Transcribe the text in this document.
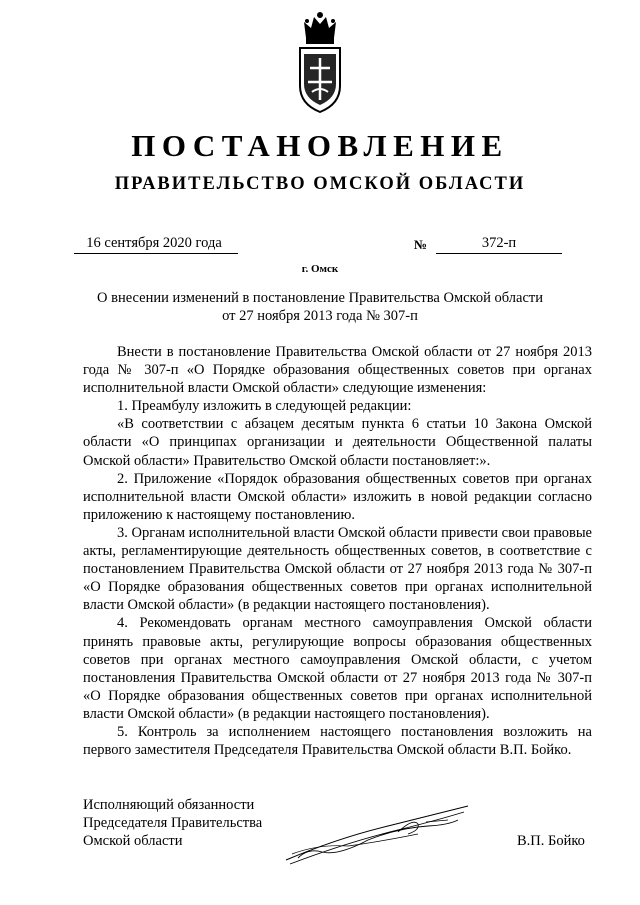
ПОСТАНОВЛЕНИЕ
ПРАВИТЕЛЬСТВО ОМСКОЙ ОБЛАСТИ
16 сентября 2020 года	№	372-п
г. Омск
О внесении изменений в постановление Правительства Омской области
от 27 ноября 2013 года № 307-п

Внести в постановление Правительства Омской области от 27 ноября 2013 года № 307-п «О Порядке образования общественных советов при органах исполнительной власти Омской области» следующие изменения:

1. Преамбулу изложить в следующей редакции:

«В соответствии с абзацем десятым пункта 6 статьи 10 Закона Омской области «О принципах организации и деятельности Общественной палаты Омской области» Правительство Омской области постановляет:».

2. Приложение «Порядок образования общественных советов при органах исполнительной власти Омской области» изложить в новой редакции согласно приложению к настоящему постановлению.

3. Органам исполнительной власти Омской области привести свои правовые акты, регламентирующие деятельность общественных советов, в соответствие с постановлением Правительства Омской области от 27 ноября 2013 года № 307-п «О Порядке образования общественных советов при органах исполнительной власти Омской области» (в редакции настоящего постановления).

4. Рекомендовать органам местного самоуправления Омской области принять правовые акты, регулирующие вопросы образования общественных советов при органах местного самоуправления Омской области, с учетом постановления Правительства Омской области от 27 ноября 2013 года № 307-п «О Порядке образования общественных советов при органах исполнительной власти Омской области» (в редакции настоящего постановления).

5. Контроль за исполнением настоящего постановления возложить на первого заместителя Председателя Правительства Омской области В.П. Бойко.

Исполняющий обязанности
Председателя Правительства
Омской области	В.П. Бойко
